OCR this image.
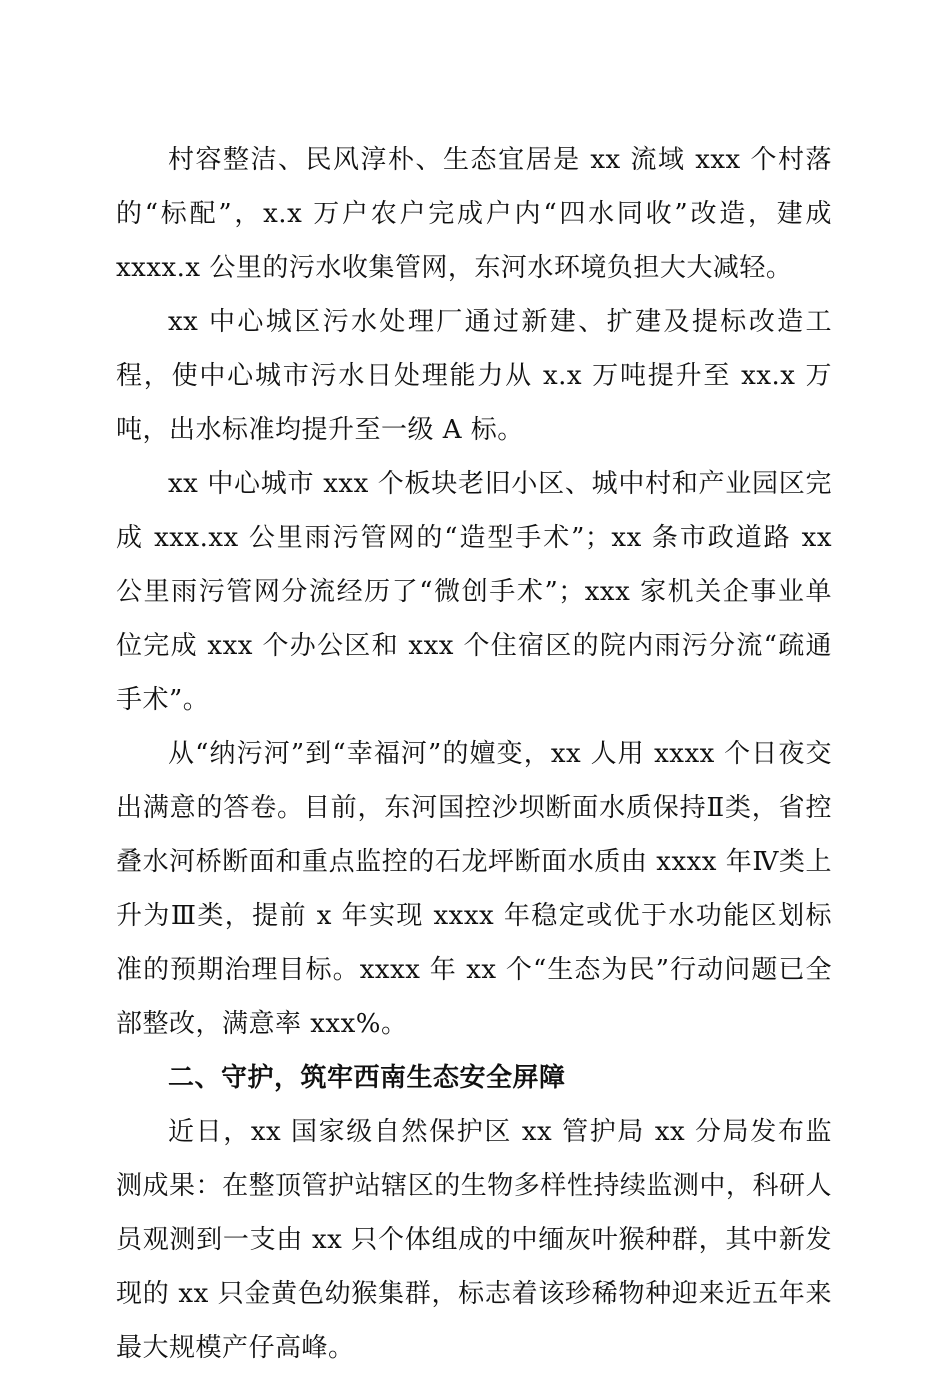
村容整洁、民风淳朴、生态宜居是 xx 流域 xxx 个村落的“标配”，x.x 万户农户完成户内“四水同收”改造，建成 xxxx.x 公里的污水收集管网，东河水环境负担大大减轻。

xx 中心城区污水处理厂通过新建、扩建及提标改造工程，使中心城市污水日处理能力从 x.x 万吨提升至 xx.x 万吨，出水标准均提升至一级 A 标。

xx 中心城市 xxx 个板块老旧小区、城中村和产业园区完成 xxx.xx 公里雨污管网的“造型手术”；xx 条市政道路 xx 公里雨污管网分流经历了“微创手术”；xxx 家机关企事业单位完成 xxx 个办公区和 xxx 个住宿区的院内雨污分流“疏通手术”。

从“纳污河”到“幸福河”的嬗变，xx 人用 xxxx 个日夜交出满意的答卷。目前，东河国控沙坝断面水质保持Ⅱ类，省控叠水河桥断面和重点监控的石龙坪断面水质由 xxxx 年Ⅳ类上升为Ⅲ类，提前 x 年实现 xxxx 年稳定或优于水功能区划标准的预期治理目标。xxxx 年 xx 个“生态为民”行动问题已全部整改，满意率 xxx%。

二、守护，筑牢西南生态安全屏障

近日，xx 国家级自然保护区 xx 管护局 xx 分局发布监测成果：在整顶管护站辖区的生物多样性持续监测中，科研人员观测到一支由 xx 只个体组成的中缅灰叶猴种群，其中新发现的 xx 只金黄色幼猴集群，标志着该珍稀物种迎来近五年来最大规模产仔高峰。
